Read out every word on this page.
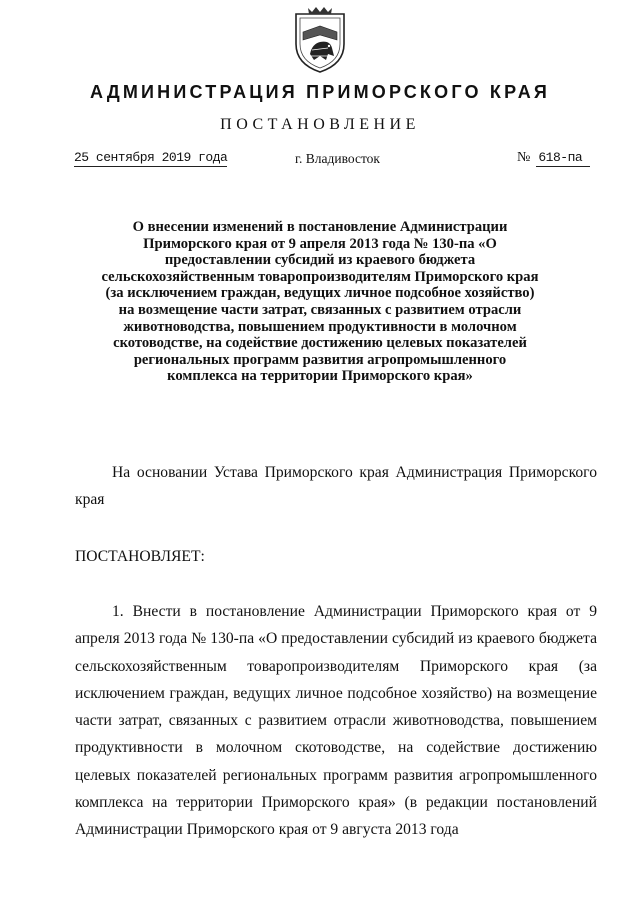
АДМИНИСТРАЦИЯ ПРИМОРСКОГО КРАЯ
ПОСТАНОВЛЕНИЕ
25 сентября 2019 года	г. Владивосток	№ 618-па

О внесении изменений в постановление Администрации Приморского края от 9 апреля 2013 года № 130-па «О предоставлении субсидий из краевого бюджета сельскохозяйственным товаропроизводителям Приморского края (за исключением граждан, ведущих личное подсобное хозяйство) на возмещение части затрат, связанных с развитием отрасли животноводства, повышением продуктивности в молочном скотоводстве, на содействие достижению целевых показателей региональных программ развития агропромышленного комплекса на территории Приморского края»

На основании Устава Приморского края Администрация Приморского края

ПОСТАНОВЛЯЕТ:

1. Внести в постановление Администрации Приморского края от 9 апреля 2013 года № 130-па «О предоставлении субсидий из краевого бюджета сельскохозяйственным товаропроизводителям Приморского края (за исключением граждан, ведущих личное подсобное хозяйство) на возмещение части затрат, связанных с развитием отрасли животноводства, повышением продуктивности в молочном скотоводстве, на содействие достижению целевых показателей региональных программ развития агропромышленного комплекса на территории Приморского края» (в редакции постановлений Администрации Приморского края от 9 августа 2013 года
